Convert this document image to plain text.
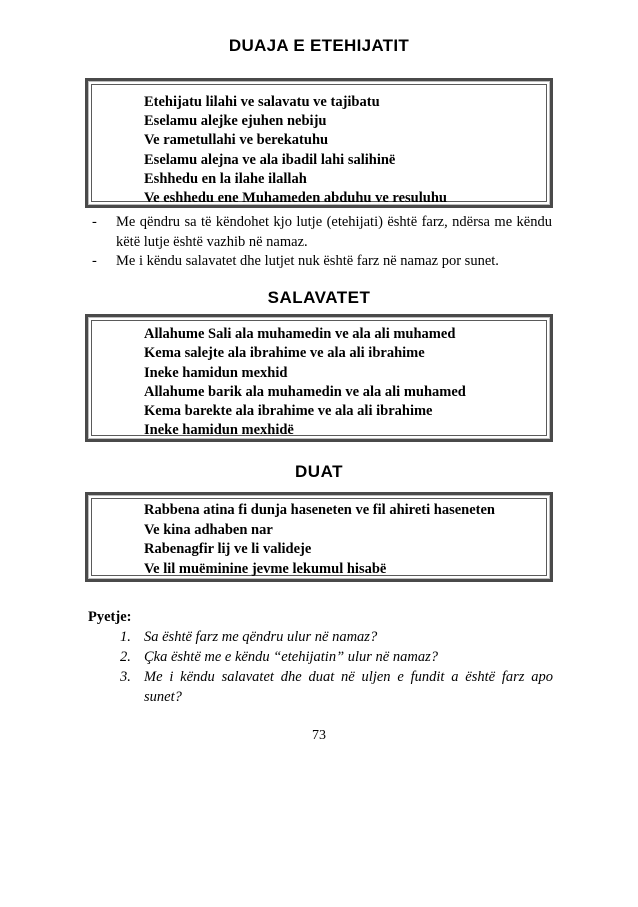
DUAJA E ETEHIJATIT
Etehijatu lilahi ve salavatu ve tajibatu
Eselamu alejke ejuhen nebiju
Ve rametullahi ve berekatuhu
Eselamu alejna ve ala ibadil lahi salihinë
Eshhedu en la ilahe ilallah
Ve eshhedu ene Muhameden abduhu ve resuluhu
- Me qëndru sa të këndohet kjo lutje (etehijati) është farz, ndërsa me këndu këtë lutje është vazhib në namaz.
- Me i këndu salavatet dhe lutjet nuk është farz në namaz por sunet.
SALAVATET
Allahume Sali ala muhamedin ve ala ali muhamed
Kema salejte ala ibrahime ve ala ali ibrahime
Ineke hamidun mexhid
Allahume barik ala muhamedin ve ala ali muhamed
Kema barekte ala ibrahime ve ala ali ibrahime
Ineke hamidun mexhidë
DUAT
Rabbena atina fi dunja haseneten ve fil ahireti haseneten
Ve kina adhaben nar
Rabenagfir lij ve li valideje
Ve lil muëminine jevme lekumul hisabë
Pyetje:
1. Sa është farz me qëndru ulur në namaz?
2. Çka është me e këndu “etehijatin” ulur në namaz?
3. Me i këndu salavatet dhe duat në uljen e fundit a është farz apo sunet?
73
